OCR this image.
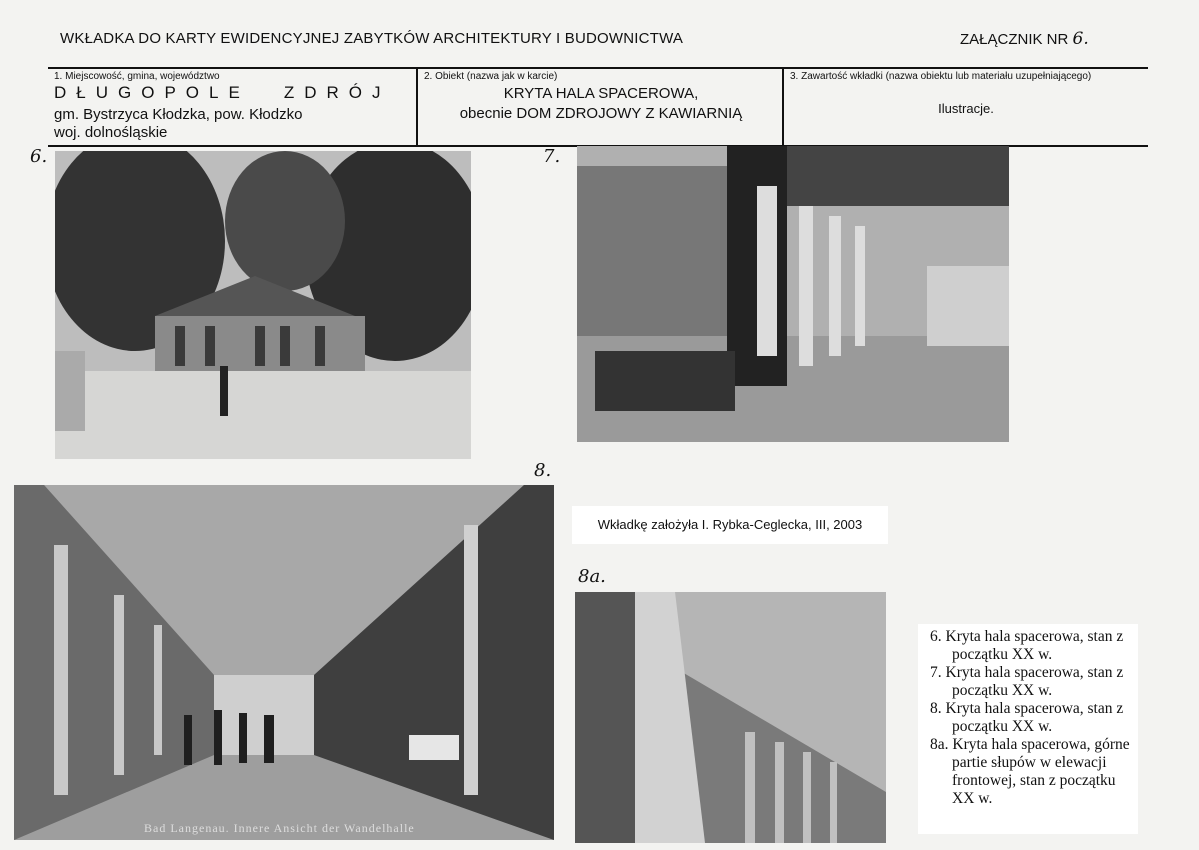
WKŁADKA DO KARTY EWIDENCYJNEJ ZABYTKÓW ARCHITEKTURY I BUDOWNICTWA	ZAŁĄCZNIK NR 6.
1. Miejscowość, gmina, województwo
DŁUGOPOLE ZDRÓJ
gm. Bystrzyca Kłodzka, pow. Kłodzko
woj. dolnośląskie
2. Obiekt (nazwa jak w karcie)
KRYTA HALA SPACEROWA,
obecnie DOM ZDROJOWY Z KAWIARNIĄ
3. Zawartość wkładki (nazwa obiektu lub materiału uzupełniającego)
Ilustracje.
6.	7.
8.
Bad Langenau. Innere Ansicht der Wandelhalle
Wkładkę założyła I. Rybka-Ceglecka, III, 2003
8a.
6. Kryta hala spacerowa, stan z początku XX w.
7. Kryta hala spacerowa, stan z początku XX w.
8. Kryta hala spacerowa, stan z początku XX w.
8a. Kryta hala spacerowa, górne partie słupów w elewacji frontowej, stan z początku XX w.
